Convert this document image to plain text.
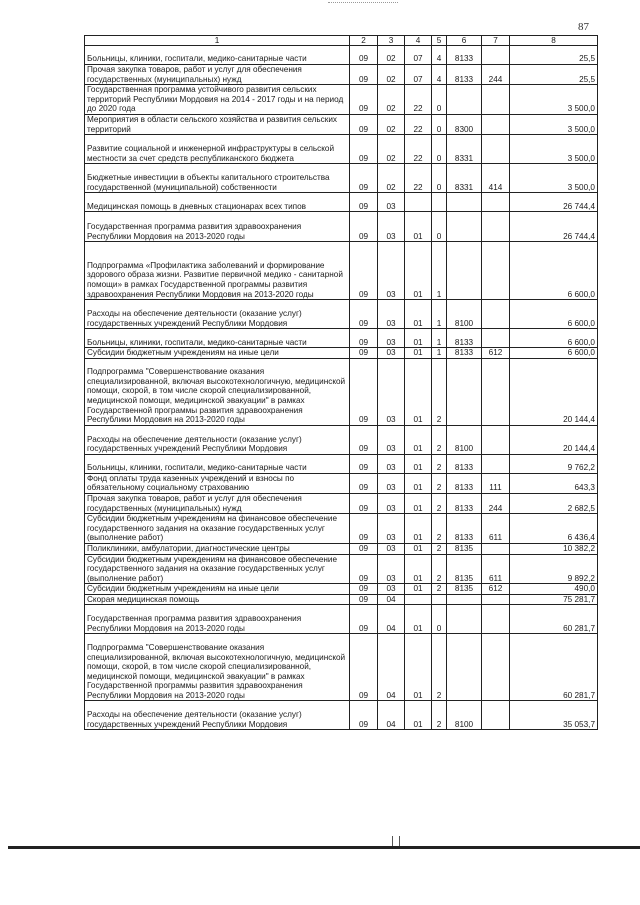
87
1	2	3	4	5	6	7	8
Больницы, клиники, госпитали, медико-санитарные части	09	02	07	4	8133		25,5
Прочая закупка товаров, работ и услуг для обеспечения государственных (муниципальных) нужд	09	02	07	4	8133	244	25,5
Государственная программа устойчивого развития сельских территорий Республики Мордовия на 2014 - 2017 годы и на период до 2020 года	09	02	22	0			3 500,0
Мероприятия в области сельского хозяйства и развития сельских территорий	09	02	22	0	8300		3 500,0
Развитие социальной и инженерной инфраструктуры в сельской местности за счет средств республиканского бюджета	09	02	22	0	8331		3 500,0
Бюджетные инвестиции в объекты капитального строительства государственной (муниципальной) собственности	09	02	22	0	8331	414	3 500,0
Медицинская помощь в дневных стационарах всех типов	09	03					26 744,4
Государственная программа развития здравоохранения Республики Мордовия на 2013-2020 годы	09	03	01	0			26 744,4
Подпрограмма «Профилактика заболеваний и формирование здорового образа жизни. Развитие первичной медико - санитарной помощи» в рамках Государственной программы развития здравоохранения Республики Мордовия на 2013-2020 годы	09	03	01	1			6 600,0
Расходы на обеспечение деятельности (оказание услуг) государственных учреждений Республики Мордовия	09	03	01	1	8100		6 600,0
Больницы, клиники, госпитали, медико-санитарные части	09	03	01	1	8133		6 600,0
Субсидии бюджетным учреждениям на иные цели	09	03	01	1	8133	612	6 600,0
Подпрограмма "Совершенствование оказания специализированной, включая высокотехнологичную, медицинской помощи, скорой, в том числе скорой специализированной, медицинской помощи, медицинской эвакуации" в рамках Государственной программы развития здравоохранения Республики Мордовия на 2013-2020 годы	09	03	01	2			20 144,4
Расходы на обеспечение деятельности (оказание услуг) государственных учреждений Республики Мордовия	09	03	01	2	8100		20 144,4
Больницы, клиники, госпитали, медико-санитарные части	09	03	01	2	8133		9 762,2
Фонд оплаты труда казенных учреждений и взносы по обязательному социальному страхованию	09	03	01	2	8133	111	643,3
Прочая закупка товаров, работ и услуг для обеспечения государственных (муниципальных) нужд	09	03	01	2	8133	244	2 682,5
Субсидии бюджетным учреждениям на финансовое обеспечение государственного задания на оказание государственных услуг (выполнение работ)	09	03	01	2	8133	611	6 436,4
Поликлиники, амбулатории, диагностические центры	09	03	01	2	8135		10 382,2
Субсидии бюджетным учреждениям на финансовое обеспечение государственного задания на оказание государственных услуг (выполнение работ)	09	03	01	2	8135	611	9 892,2
Субсидии бюджетным учреждениям на иные цели	09	03	01	2	8135	612	490,0
Скорая медицинская помощь	09	04					75 281,7
Государственная программа развития здравоохранения Республики Мордовия на 2013-2020 годы	09	04	01	0			60 281,7
Подпрограмма "Совершенствование оказания специализированной, включая высокотехнологичную, медицинской помощи, скорой, в том числе скорой специализированной, медицинской помощи, медицинской эвакуации" в рамках Государственной программы развития здравоохранения Республики Мордовия на 2013-2020 годы	09	04	01	2			60 281,7
Расходы на обеспечение деятельности (оказание услуг) государственных учреждений Республики Мордовия	09	04	01	2	8100		35 053,7
